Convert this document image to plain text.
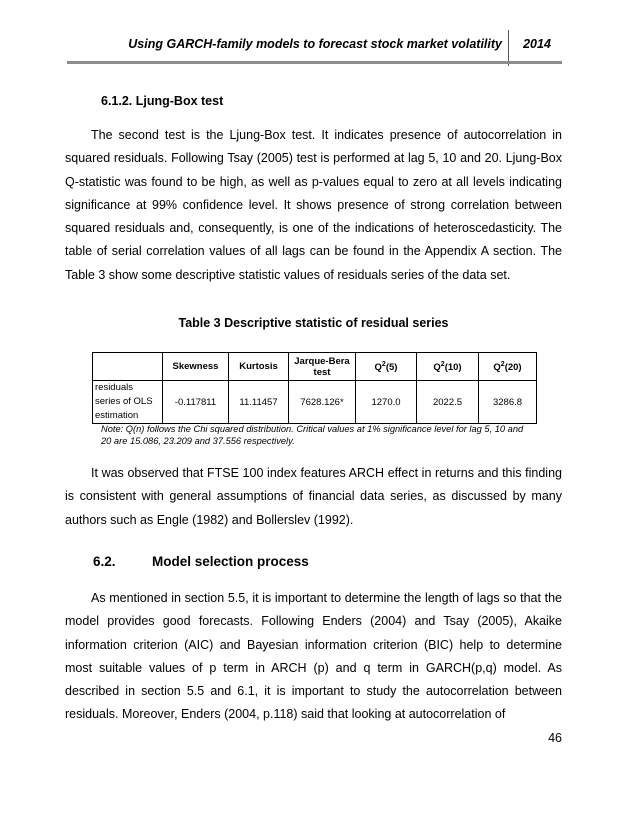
Using GARCH-family models to forecast stock market volatility	2014
6.1.2. Ljung-Box test

The second test is the Ljung-Box test. It indicates presence of autocorrelation in squared residuals. Following Tsay (2005) test is performed at lag 5, 10 and 20. Ljung-Box Q-statistic was found to be high, as well as p-values equal to zero at all levels indicating significance at 99% confidence level. It shows presence of strong correlation between squared residuals and, consequently, is one of the indications of heteroscedasticity. The table of serial correlation values of all lags can be found in the Appendix A section. The Table 3 show some descriptive statistic values of residuals series of the data set.

Table 3 Descriptive statistic of residual series
	Skewness	Kurtosis	Jarque-Bera test	$Q^2(5)$	$Q^2(10)$	$Q^2(20)$
residuals series of OLS estimation	-0.117811	11.11457	7628.126*	1270.0	2022.5	3286.8
Note: Q(n) follows the Chi squared distribution. Critical values at 1% significance level for lag 5, 10 and 20 are 15.086, 23.209 and 37.556 respectively.

It was observed that FTSE 100 index features ARCH effect in returns and this finding is consistent with general assumptions of financial data series, as discussed by many authors such as Engle (1982) and Bollerslev (1992).

6.2.	Model selection process

As mentioned in section 5.5, it is important to determine the length of lags so that the model provides good forecasts. Following Enders (2004) and Tsay (2005), Akaike information criterion (AIC) and Bayesian information criterion (BIC) help to determine most suitable values of p term in ARCH (p) and q term in GARCH(p,q) model. As described in section 5.5 and 6.1, it is important to study the autocorrelation between residuals. Moreover, Enders (2004, p.118) said that looking at autocorrelation of

46
